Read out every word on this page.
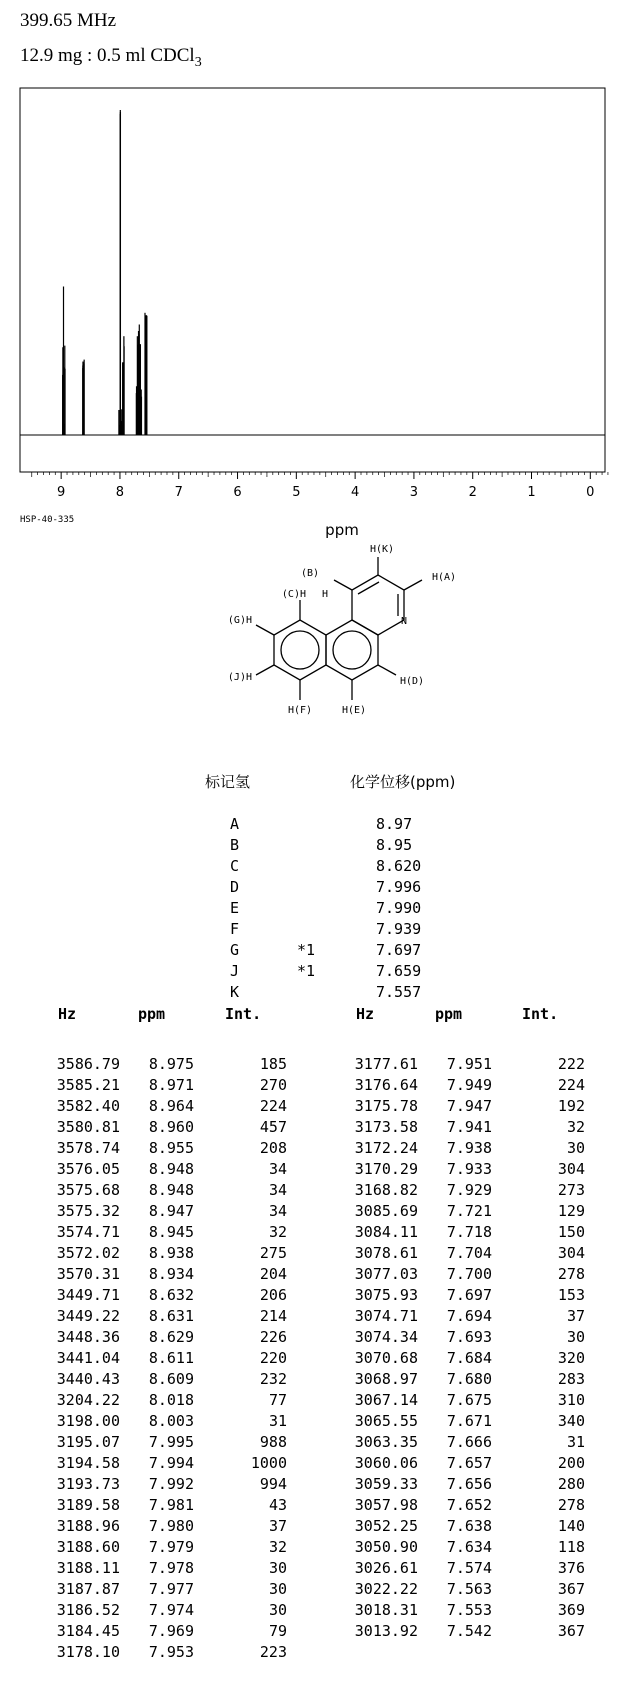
399.65 MHz
12.9 mg : 0.5 ml CDCl$_3$
9	8	7	6	5	4	3	2	1	0
ppm
HSP-40-335
N
H(A)
(B)
H
(C)H
H(D)
H(E)
H(F)
(G)H
(J)H
H(K)
标记氢	化学位移(ppm)
A	8.97
B	8.95
C	8.620
D	7.996
E	7.990
F	7.939
G	*1	7.697
J	*1	7.659
K	7.557
Hz	ppm	Int.	Hz	ppm	Int.
3586.79	8.975	185
3585.21	8.971	270
3582.40	8.964	224
3580.81	8.960	457
3578.74	8.955	208
3576.05	8.948	34
3575.68	8.948	34
3575.32	8.947	34
3574.71	8.945	32
3572.02	8.938	275
3570.31	8.934	204
3449.71	8.632	206
3449.22	8.631	214
3448.36	8.629	226
3441.04	8.611	220
3440.43	8.609	232
3204.22	8.018	77
3198.00	8.003	31
3195.07	7.995	988
3194.58	7.994	1000
3193.73	7.992	994
3189.58	7.981	43
3188.96	7.980	37
3188.60	7.979	32
3188.11	7.978	30
3187.87	7.977	30
3186.52	7.974	30
3184.45	7.969	79
3178.10	7.953	223
3177.61	7.951	222
3176.64	7.949	224
3175.78	7.947	192
3173.58	7.941	32
3172.24	7.938	30
3170.29	7.933	304
3168.82	7.929	273
3085.69	7.721	129
3084.11	7.718	150
3078.61	7.704	304
3077.03	7.700	278
3075.93	7.697	153
3074.71	7.694	37
3074.34	7.693	30
3070.68	7.684	320
3068.97	7.680	283
3067.14	7.675	310
3065.55	7.671	340
3063.35	7.666	31
3060.06	7.657	200
3059.33	7.656	280
3057.98	7.652	278
3052.25	7.638	140
3050.90	7.634	118
3026.61	7.574	376
3022.22	7.563	367
3018.31	7.553	369
3013.92	7.542	367
